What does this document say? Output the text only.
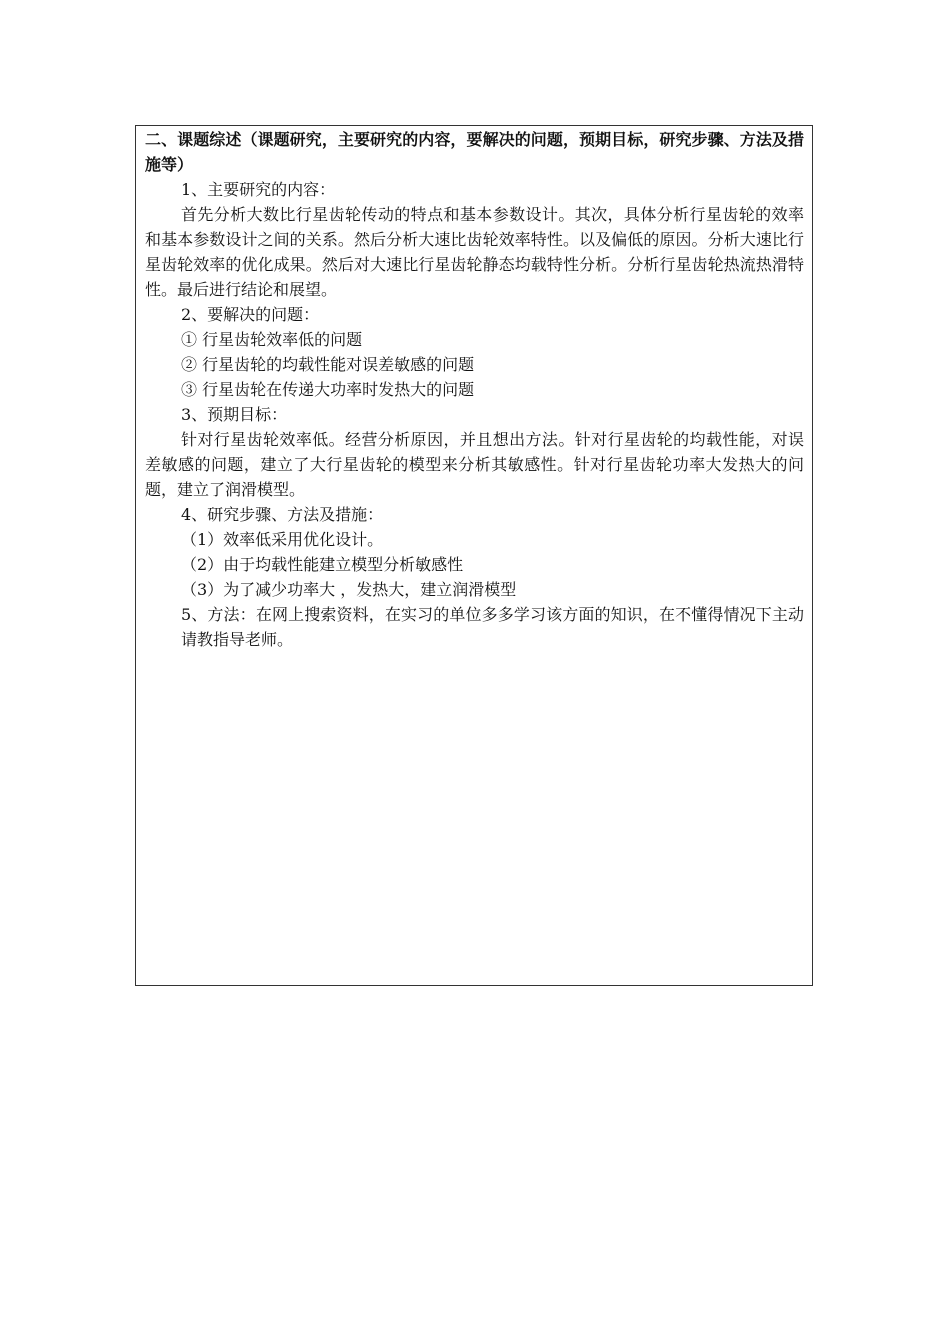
二、课题综述（课题研究，主要研究的内容，要解决的问题，预期目标，研究步骤、方法及措施等）

1、主要研究的内容：

首先分析大数比行星齿轮传动的特点和基本参数设计。其次，具体分析行星齿轮的效率和基本参数设计之间的关系。然后分析大速比齿轮效率特性。以及偏低的原因。分析大速比行星齿轮效率的优化成果。然后对大速比行星齿轮静态均载特性分析。分析行星齿轮热流热滑特性。最后进行结论和展望。

2、要解决的问题：

① 行星齿轮效率低的问题

② 行星齿轮的均载性能对误差敏感的问题

③ 行星齿轮在传递大功率时发热大的问题

3、预期目标：

针对行星齿轮效率低。经营分析原因，并且想出方法。针对行星齿轮的均载性能，对误差敏感的问题，建立了大行星齿轮的模型来分析其敏感性。针对行星齿轮功率大发热大的问题，建立了润滑模型。

4、研究步骤、方法及措施：

（1）效率低采用优化设计。

（2）由于均载性能建立模型分析敏感性

（3）为了减少功率大 ，发热大，建立润滑模型

5、方法：在网上搜索资料，在实习的单位多多学习该方面的知识，在不懂得情况下主动请教指导老师。
